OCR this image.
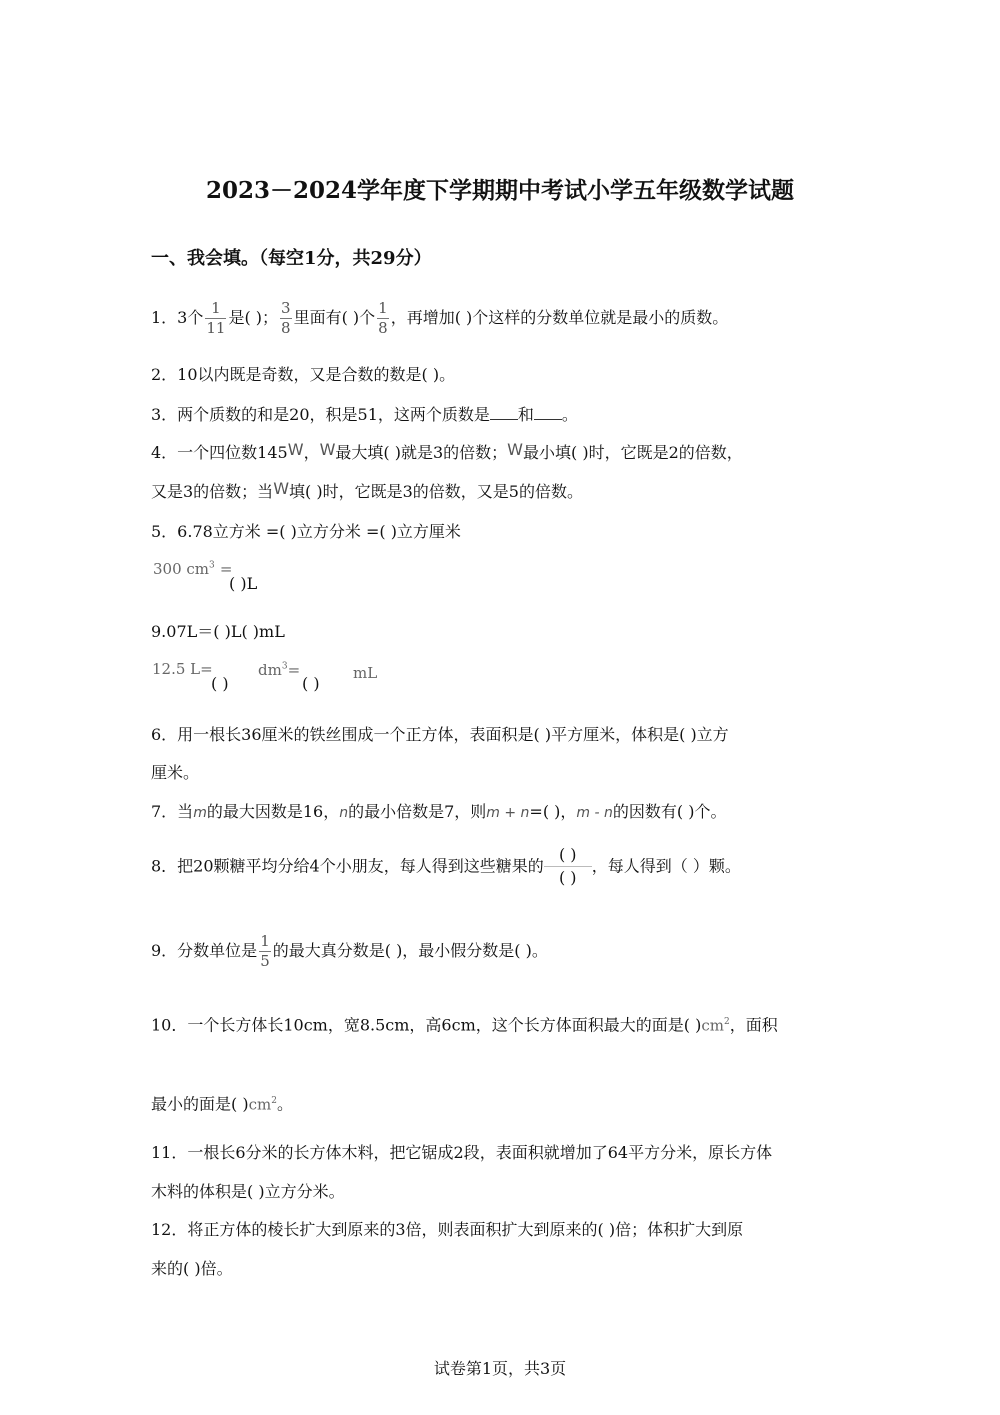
2023－2024学年度下学期期中考试小学五年级数学试题
一、我会填。（每空1分，共29分）
1．3个 $\frac{1}{11}$ 是( )； $\frac{3}{8}$ 里面有( )个 $\frac{1}{8}$ ，再增加( )个这样的分数单位就是最小的质数。
2．10以内既是奇数，又是合数的数是( )。
3．两个质数的和是20，积是51，这两个质数是 和 。
4．一个四位数145W，W最大填( )就是3的倍数；W最小填( )时，它既是2的倍数，
又是3的倍数；当W填( )时，它既是3的倍数，又是5的倍数。
5．6.78立方米 =( )立方分米 =( )立方厘米
300 $cm^3$ =
( )L
9.07L＝( )L( )mL
12.5 L=
( )
$dm^3=$
( )
mL
6．用一根长36厘米的铁丝围成一个正方体，表面积是( )平方厘米，体积是( )立方
厘米。
7．当m的最大因数是16，n的最小倍数是7，则m + n=( )，m - n的因数有( )个。
8．把20颗糖平均分给4个小朋友，每人得到这些糖果的
( )
( )
，每人得到（ ）颗。
9．分数单位是 $\frac{1}{5}$ 的最大真分数是( )，最小假分数是( )。
10．一个长方体长10cm，宽8.5cm，高6cm，这个长方体面积最大的面是( )$cm^2$，面积
最小的面是( )$cm^2$。
11．一根长6分米的长方体木料，把它锯成2段，表面积就增加了64平方分米，原长方体
木料的体积是( )立方分米。
12．将正方体的棱长扩大到原来的3倍，则表面积扩大到原来的( )倍；体积扩大到原
来的( )倍。
试卷第1页，共3页
